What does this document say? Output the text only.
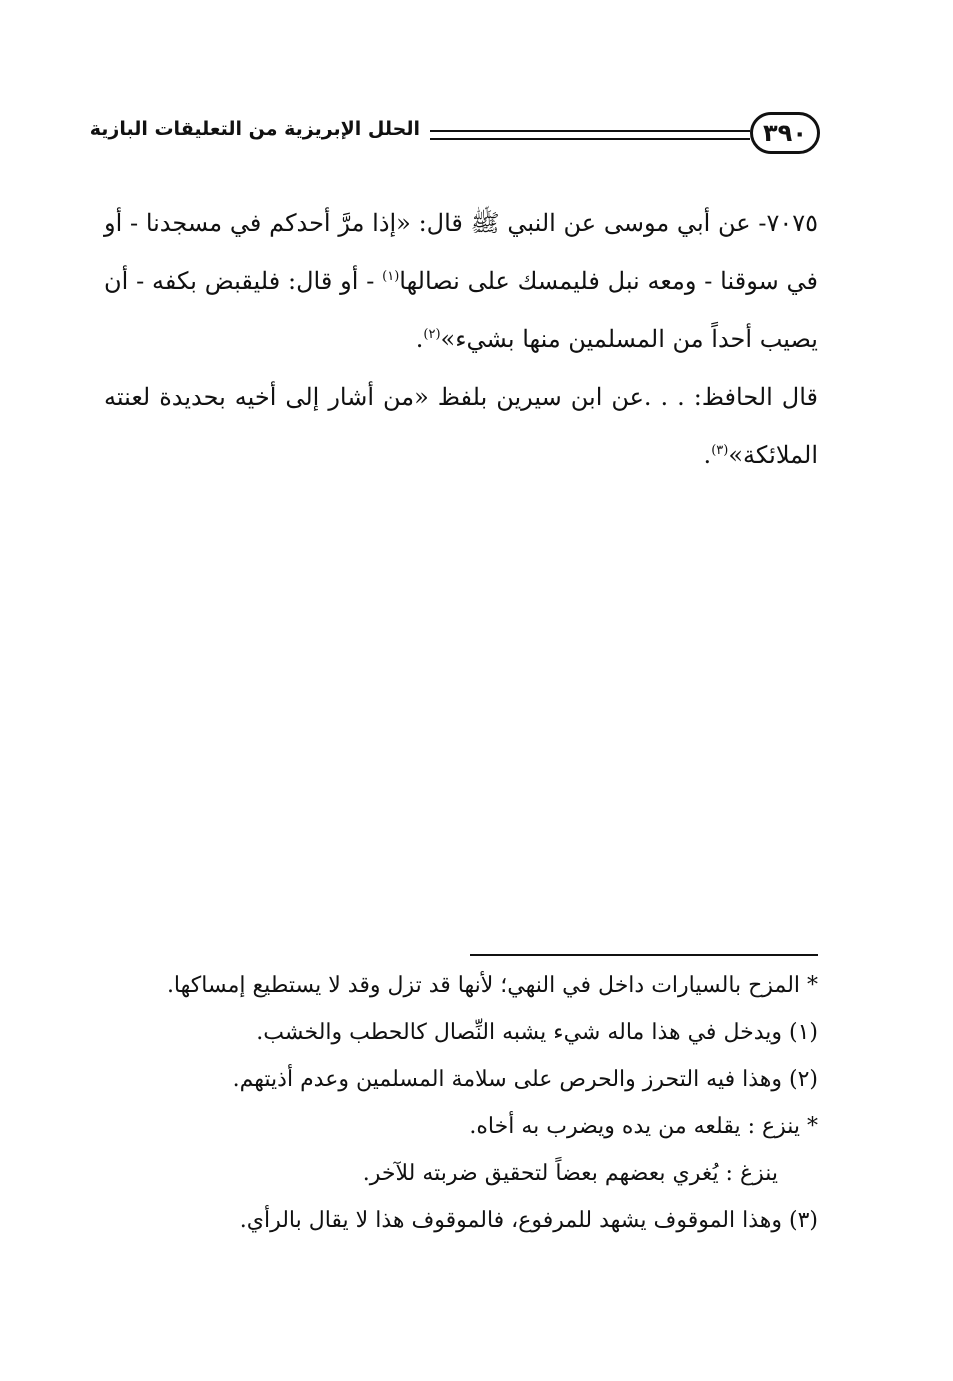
٣٩٠
الحلل الإبريزية من التعليقات البازية

٧٠٧٥- عن أبي موسى عن النبي ﷺ قال: «إذا مرَّ أحدكم في مسجدنا - أو في سوقنا - ومعه نبل فليمسك على نصالها$^{(١)}$ - أو قال: فليقبض بكفه - أن يصيب أحداً من المسلمين منها بشيء»$^{(٢)}$.

قال الحافظ: . . .عن ابن سيرين بلفظ «من أشار إلى أخيه بحديدة لعنته الملائكة»$^{(٣)}$.

* المزح بالسيارات داخل في النهي؛ لأنها قد تزل وقد لا يستطيع إمساكها.

(١) ويدخل في هذا ماله شيء يشبه النِّصال كالحطب والخشب.

(٢) وهذا فيه التحرز والحرص على سلامة المسلمين وعدم أذيتهم.

* ينزع : يقلعه من يده ويضرب به أخاه.

ينزغ : يُغري بعضهم بعضاً لتحقيق ضربته للآخر.

(٣) وهذا الموقوف يشهد للمرفوع، فالموقوف هذا لا يقال بالرأي.
